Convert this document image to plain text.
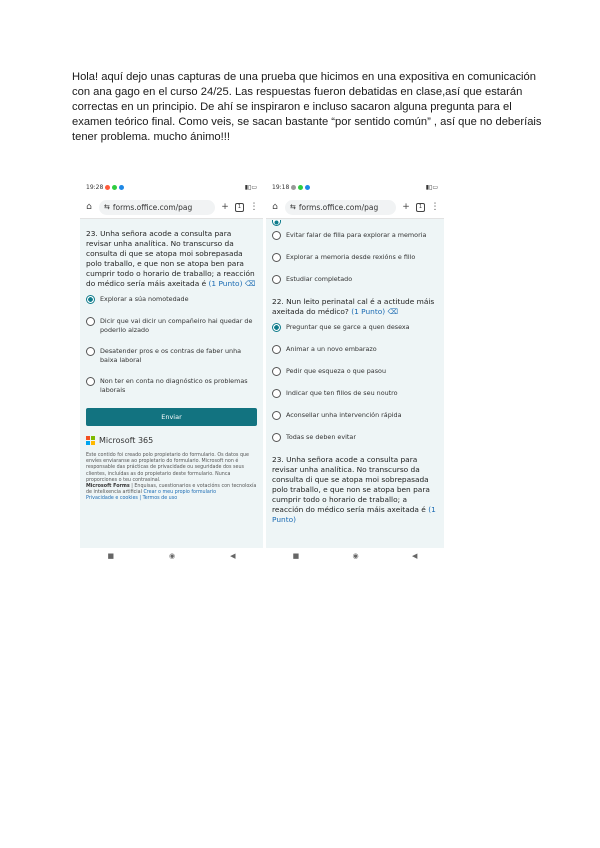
Hola! aquí dejo unas capturas de una prueba que hicimos en una expositiva en comunicación con ana gago en el curso 24/25. Las respuestas fueron debatidas en clase,así que estarán correctas en un principio. De ahí se inspiraron e incluso sacaron alguna pregunta para el examen teórico final. Como veis, se sacan bastante “por sentido común” , así que no deberíais tener problema. mucho ánimo!!!
19:28	▮▯▭
⌂	⇆ forms.office.com/pag	+	1 ⋮
23. Unha señora acode a consulta para revisar unha analítica. No transcurso da consulta di que se atopa moi sobrepasada polo traballo, e que non se atopa ben para cumprir todo o horario de traballo; a reacción do médico sería máis axeitada é (1 Punto) ⌫
Explorar a súa nomotedade
Dicir que vai dicir un compañeiro hai quedar de poderllo alzado
Desatender pros e os contras de faber unha baixa laboral
Non ter en conta no diagnóstico os problemas laborais
Enviar
Microsoft 365
Este contido foi creado polo propietario do formulario. Os datos que envíes enviaranse ao propietario do formulario. Microsoft non é responsable das prácticas de privacidade ou seguridade dos seus clientes, incluídas as do propietario deste formulario. Nunca proporciones o teu contrasinal.
Microsoft Forms | Enquisas, cuestionarios e votacións con tecnoloxía de intelixencia artificial Crear o meu propio formulario
Privacidade e cookies | Termos de uso
■	◉	◀
19:18	▮▯▭
⌂	⇆ forms.office.com/pag	+	1 ⋮
Evitar falar de filla para explorar a memoria
Explorar a memoria desde rexións e fillo
Estudiar completado
22. Nun leito perinatal cal é a actitude máis axeitada do médico? (1 Punto) ⌫
Preguntar que se garce a quen desexa
Animar a un novo embarazo
Pedir que esqueza o que pasou
Indicar que ten fillos de seu noutro
Aconsellar unha intervención rápida
Todas se deben evitar
23. Unha señora acode a consulta para revisar unha analítica. No transcurso da consulta di que se atopa moi sobrepasada polo traballo, e que non se atopa ben para cumprir todo o horario de traballo; a reacción do médico sería máis axeitada é (1 Punto)
■	◉	◀
